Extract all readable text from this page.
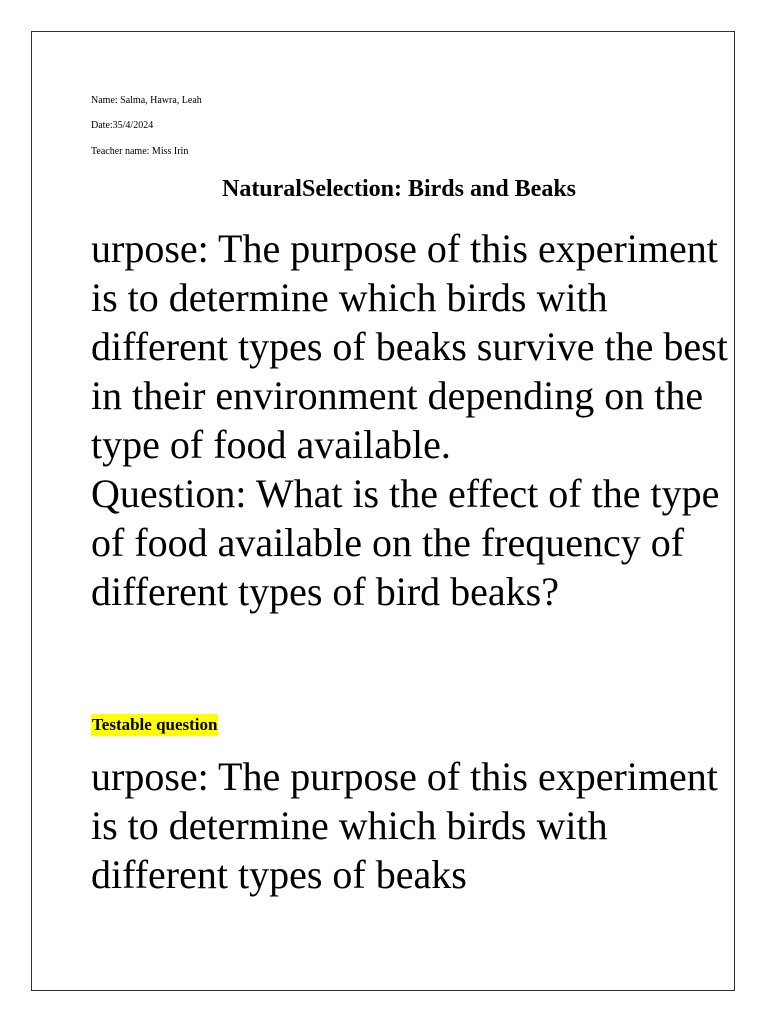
Name: Salma, Hawra, Leah
Date:35/4/2024
Teacher name: Miss Irin
NaturalSelection: Birds and Beaks

urpose: The purpose of this experiment is to determine which birds with different types of beaks survive the best in their environment depending on the type of food available.

Question: What is the effect of the type of food available on the frequency of different types of bird beaks?

Testable question

urpose: The purpose of this experiment is to determine which birds with different types of beaks
